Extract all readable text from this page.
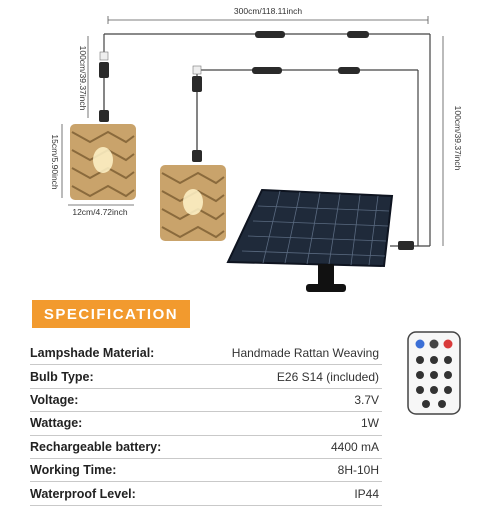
300cm/118.11inch
100cm/39.37inch
100cm/39.37inch
15cm/5.90inch
12cm/4.72inch
SPECIFICATION
Lampshade Material:	Handmade Rattan Weaving
Bulb Type:	E26 S14 (included)
Voltage:	3.7V
Wattage:	1W
Rechargeable battery:	4400 mA
Working Time:	8H-10H
Waterproof Level:	IP44
